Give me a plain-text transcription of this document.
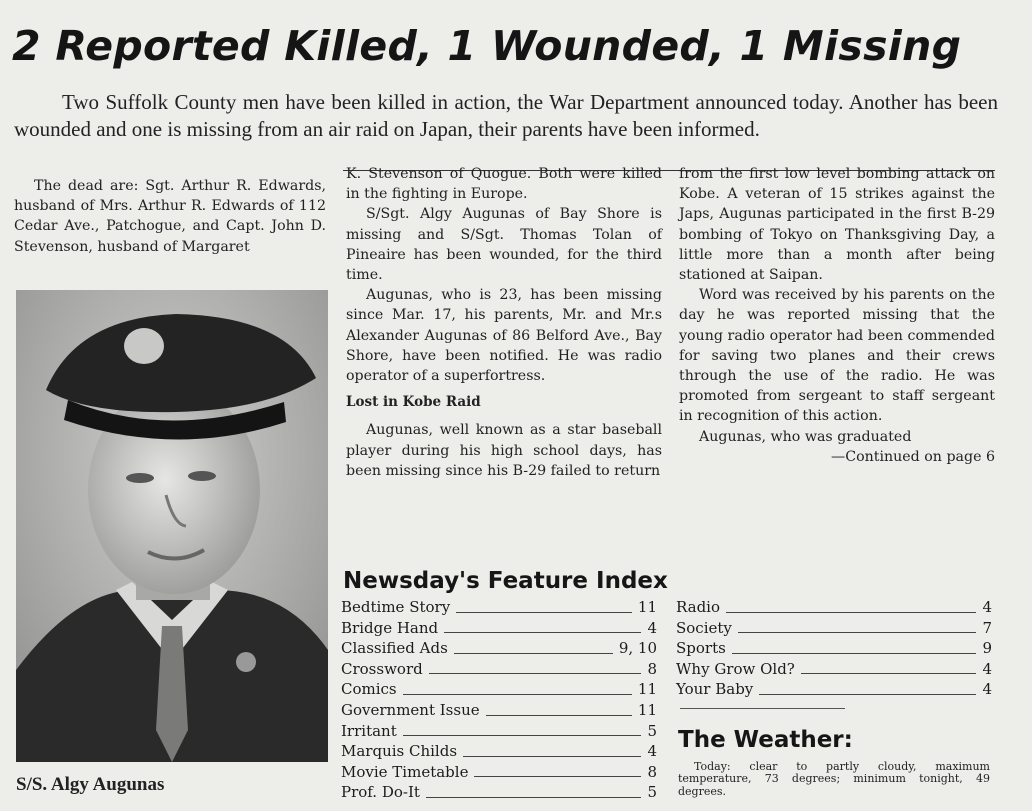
2 Reported Killed, 1 Wounded, 1 Missing
Two Suffolk County men have been killed in action, the War Department announced today. Another has been wounded and one is missing from an air raid on Japan, their parents have been informed.

The dead are: Sgt. Arthur R. Edwards, husband of Mrs. Arthur R. Edwards of 112 Cedar Ave., Patchogue, and Capt. John D. Stevenson, husband of Margaret

S/S. Algy Augunas

K. Stevenson of Quogue. Both were killed in the fighting in Europe.

S/Sgt. Algy Augunas of Bay Shore is missing and S/Sgt. Thomas Tolan of Pineaire has been wounded, for the third time.

Augunas, who is 23, has been missing since Mar. 17, his parents, Mr. and Mr.s Alexander Augunas of 86 Belford Ave., Bay Shore, have been notified. He was radio operator of a superfortress.

Lost in Kobe Raid

Augunas, well known as a star baseball player during his high school days, has been missing since his B-29 failed to return

from the first low level bombing attack on Kobe. A veteran of 15 strikes against the Japs, Augunas participated in the first B-29 bombing of Tokyo on Thanksgiving Day, a little more than a month after being stationed at Saipan.

Word was received by his parents on the day he was reported missing that the young radio operator had been commended for saving two planes and their crews through the use of the radio. He was promoted from sergeant to staff sergeant in recognition of this action.

Augunas, who was graduated

—Continued on page 6

Newsday's Feature Index
Bedtime Story	11
Bridge Hand	4
Classified Ads	9, 10
Crossword	8
Comics	11
Government Issue	11
Irritant	5
Marquis Childs	4
Movie Timetable	8
Prof. Do-It	5
Radio	4
Society	7
Sports	9
Why Grow Old?	4
Your Baby	4
The Weather:
Today: clear to partly cloudy, maximum temperature, 73 degrees; minimum tonight, 49 degrees.
